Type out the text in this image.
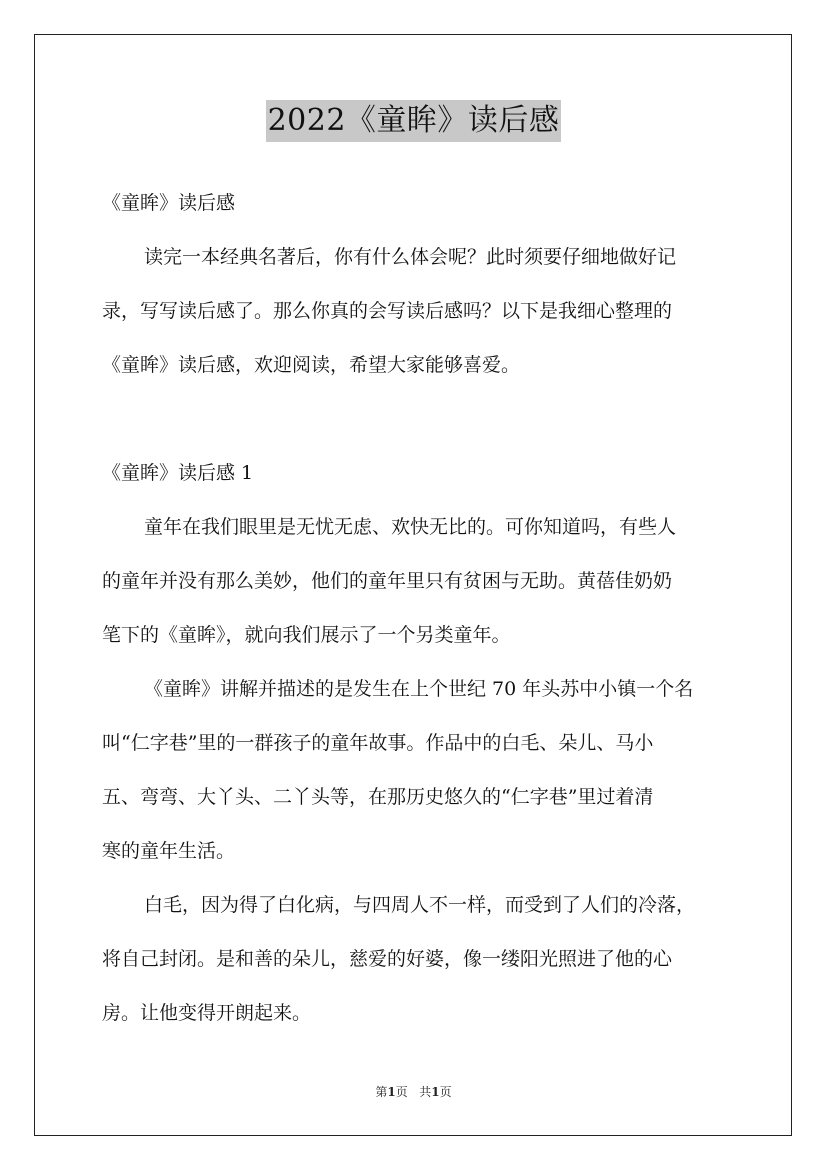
2022《童眸》读后感

《童眸》读后感

读完一本经典名著后，你有什么体会呢？此时须要仔细地做好记

录，写写读后感了。那么你真的会写读后感吗？以下是我细心整理的

《童眸》读后感，欢迎阅读，希望大家能够喜爱。

《童眸》读后感 1

童年在我们眼里是无忧无虑、欢快无比的。可你知道吗，有些人

的童年并没有那么美妙，他们的童年里只有贫困与无助。黄蓓佳奶奶

笔下的《童眸》，就向我们展示了一个另类童年。

《童眸》讲解并描述的是发生在上个世纪 70 年头苏中小镇一个名

叫“仁字巷”里的一群孩子的童年故事。作品中的白毛、朵儿、马小

五、弯弯、大丫头、二丫头等，在那历史悠久的“仁字巷”里过着清

寒的童年生活。

白毛，因为得了白化病，与四周人不一样，而受到了人们的冷落，

将自己封闭。是和善的朵儿，慈爱的好婆，像一缕阳光照进了他的心

房。让他变得开朗起来。

第1页 共1页
